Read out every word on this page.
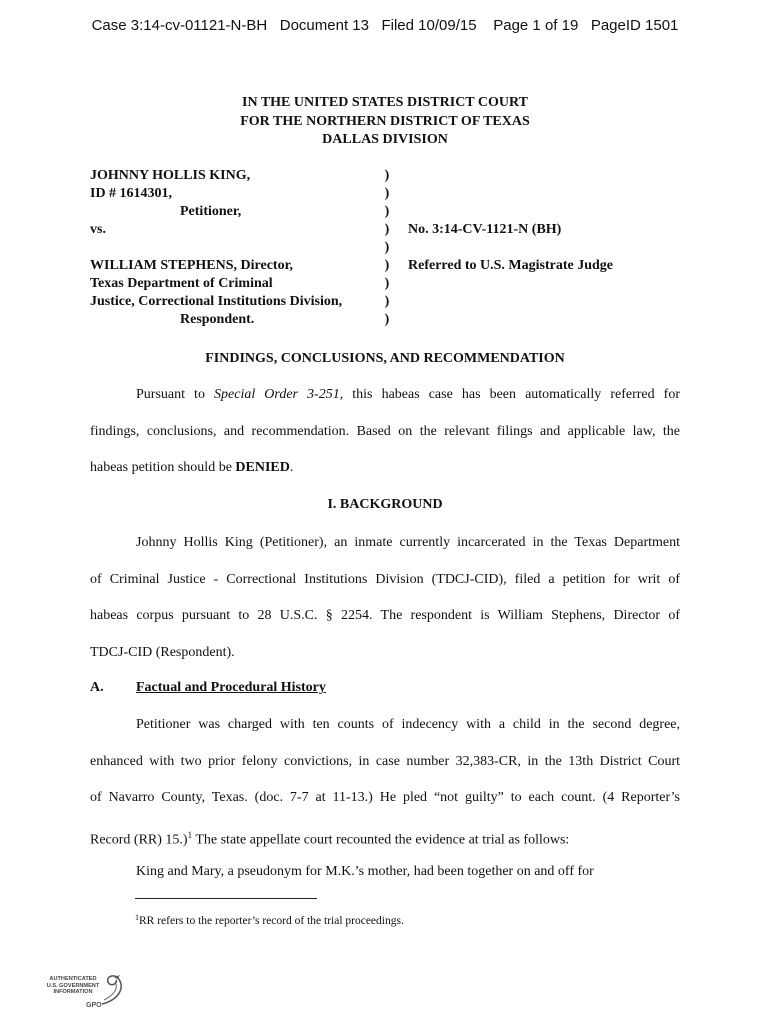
Case 3:14-cv-01121-N-BH Document 13 Filed 10/09/15 Page 1 of 19 PageID 1501
IN THE UNITED STATES DISTRICT COURT
FOR THE NORTHERN DISTRICT OF TEXAS
DALLAS DIVISION
JOHNNY HOLLIS KING,
ID # 1614301,
Petitioner,
vs.
WILLIAM STEPHENS, Director,
Texas Department of Criminal
Justice, Correctional Institutions Division,
Respondent.
)
)
)
)
)
)
)
)
)
No. 3:14-CV-1121-N (BH)
Referred to U.S. Magistrate Judge
FINDINGS, CONCLUSIONS, AND RECOMMENDATION
Pursuant to Special Order 3-251, this habeas case has been automatically referred for
findings, conclusions, and recommendation. Based on the relevant filings and applicable law, the
habeas petition should be DENIED.
I. BACKGROUND
Johnny Hollis King (Petitioner), an inmate currently incarcerated in the Texas Department
of Criminal Justice - Correctional Institutions Division (TDCJ-CID), filed a petition for writ of
habeas corpus pursuant to 28 U.S.C. § 2254. The respondent is William Stephens, Director of
TDCJ-CID (Respondent).
A. Factual and Procedural History
Petitioner was charged with ten counts of indecency with a child in the second degree,
enhanced with two prior felony convictions, in case number 32,383-CR, in the 13th District Court
of Navarro County, Texas. (doc. 7-7 at 11-13.) He pled “not guilty” to each count. (4 Reporter’s
Record (RR) 15.)$^1$ The state appellate court recounted the evidence at trial as follows:
King and Mary, a pseudonym for M.K.’s mother, had been together on and off for
$^1$RR refers to the reporter’s record of the trial proceedings.
AUTHENTICATED
U.S. GOVERNMENT
INFORMATION
GPO
